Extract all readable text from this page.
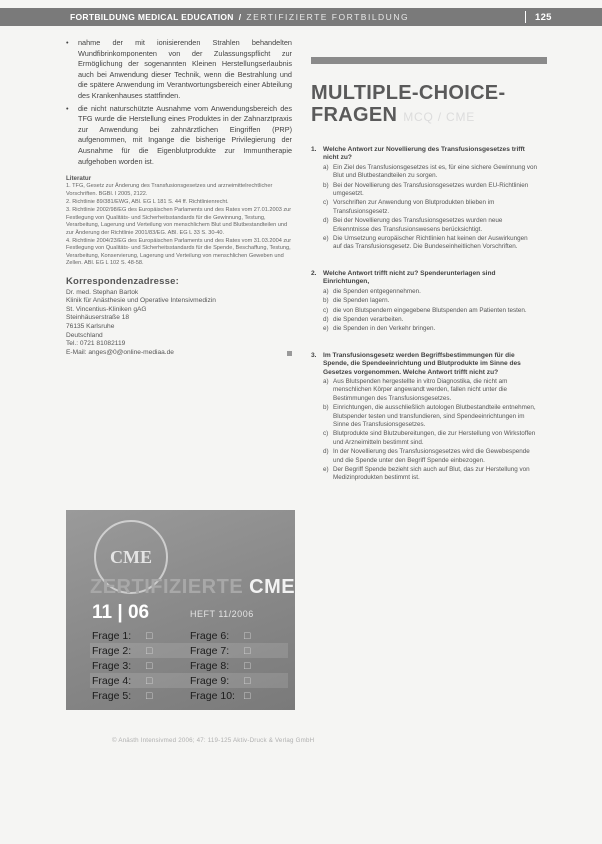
FORTBILDUNG MEDICAL EDUCATION / ZERTIFIZIERTE FORTBILDUNG	125
•	nahme der mit ionisierenden Strahlen behandelten Wundfibrinkomponenten von der Zulassungspflicht zur Ermöglichung der sogenannten Kleinen Herstellungserlaubnis auch bei Anwendung dieser Technik, wenn die Bestrahlung und die spätere Anwendung im Verantwortungsbereich einer Abteilung des Krankenhauses stattfinden.
•	die nicht naturschützte Ausnahme vom Anwendungsbereich des TFG wurde die Herstellung eines Produktes in der Zahnarztpraxis zur Anwendung bei zahnärztlichen Eingriffen (PRP) aufgenommen, mit Ingange die bisherige Privilegierung der Ausnahme für die Eigenblutprodukte zur Immuntherapie aufgehoben worden ist.
Literatur
1. TFG, Gesetz zur Änderung des Transfusionsgesetzes und arzneimittelrechtlicher Vorschriften. BGBl. I 2005, 2122.
2. Richtlinie 89/381/EWG, ABl. EG L 181 S. 44 ff. Richtlinienrecht.
3. Richtlinie 2002/98/EG des Europäischen Parlaments und des Rates vom 27.01.2003 zur Festlegung von Qualitäts- und Sicherheitsstandards für die Gewinnung, Testung, Verarbeitung, Lagerung und Verteilung von menschlichem Blut und Blutbestandteilen und zur Änderung der Richtlinie 2001/83/EG. ABl. EG L 33 S. 30-40.
4. Richtlinie 2004/23/EG des Europäischen Parlaments und des Rates vom 31.03.2004 zur Festlegung von Qualitäts- und Sicherheitsstandards für die Spende, Beschaffung, Testung, Verarbeitung, Konservierung, Lagerung und Verteilung von menschlichen Geweben und Zellen. ABl. EG L 102 S. 48-58.
Korrespondenzadresse:
Dr. med. Stephan Bartok
Klinik für Anästhesie und Operative Intensivmedizin
St. Vincentius-Kliniken gAG
Steinhäuserstraße 18
76135 Karlsruhe
Deutschland
Tel.: 0721 81082119
E-Mail: anges@0@online-mediaa.de
CME
ZERTIFIZIERTE CME
11 | 06	HEFT 11/2006
Frage 1:	□	Frage 6:	□
Frage 2:	□	Frage 7:	□
Frage 3:	□	Frage 8:	□
Frage 4:	□	Frage 9:	□
Frage 5:	□	Frage 10: □
MULTIPLE-CHOICE-
FRAGEN MCQ / CME
1. Welche Antwort zur Novellierung des Transfusionsgesetzes trifft nicht zu?
a) Ein Ziel des Transfusionsgesetzes ist es, für eine sichere Gewinnung von Blut und Blutbestandteilen zu sorgen.
b) Bei der Novellierung des Transfusionsgesetzes wurden EU-Richtlinien umgesetzt.
c) Vorschriften zur Anwendung von Blutprodukten blieben im Transfusionsgesetz.
d) Bei der Novellierung des Transfusionsgesetzes wurden neue Erkenntnisse des Transfusionswesens berücksichtigt.
e) Die Umsetzung europäischer Richtlinien hat keinen der Auswirkungen auf das Transfusionsgesetz. Die Bundeseinheitlichen Vorschriften.
2. Welche Antwort trifft nicht zu? Spenderunterlagen sind Einrichtungen,
a) die Spenden entgegennehmen.
b) die Spenden lagern.
c) die von Blutspendern eingegebene Blutspenden am Patienten testen.
d) die Spenden verarbeiten.
e) die Spenden in den Verkehr bringen.
3. Im Transfusionsgesetz werden Begriffsbestimmungen für die Spende, die Spendeeinrichtung und Blutprodukte im Sinne des Gesetzes vorgenommen. Welche Antwort trifft nicht zu?
a) Aus Blutspenden hergestellte in vitro Diagnostika, die nicht am menschlichen Körper angewandt werden, fallen nicht unter die Bestimmungen des Transfusionsgesetzes.
b) Einrichtungen, die ausschließlich autologen Blutbestandteile entnehmen, Blutspender testen und transfundieren, sind Spendeeinrichtungen im Sinne des Transfusionsgesetzes.
c) Blutprodukte sind Blutzubereitungen, die zur Herstellung von Wirkstoffen und Arzneimitteln bestimmt sind.
d) In der Novellierung des Transfusionsgesetzes wird die Gewebespende und die Spende unter den Begriff Spende einbezogen.
e) Der Begriff Spende bezieht sich auch auf Blut, das zur Herstellung von Medizinprodukten bestimmt ist.
© Anästh Intensivmed 2006; 47: 119-125 Aktiv-Druck & Verlag GmbH
